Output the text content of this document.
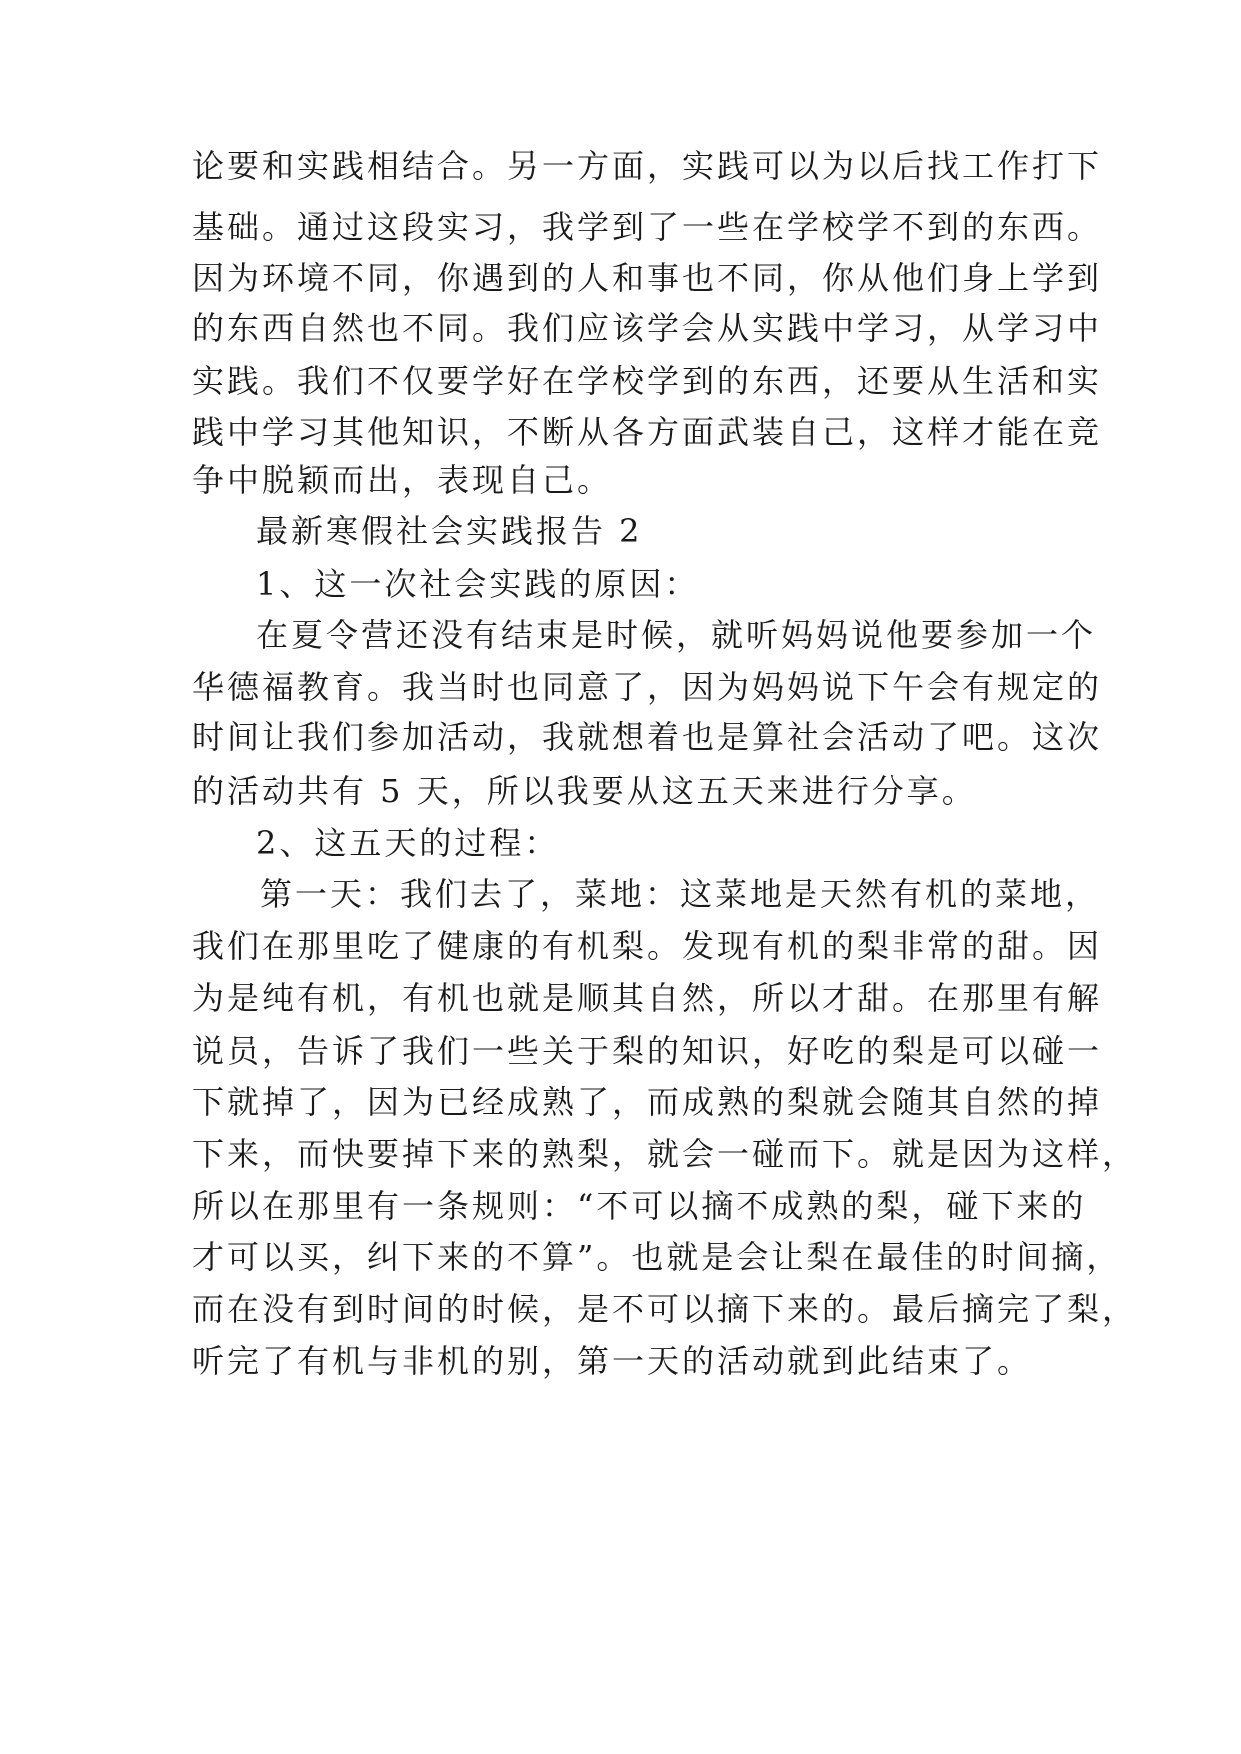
论要和实践相结合。另一方面，实践可以为以后找工作打下
基础。通过这段实习，我学到了一些在学校学不到的东西。
因为环境不同，你遇到的人和事也不同，你从他们身上学到
的东西自然也不同。我们应该学会从实践中学习，从学习中
实践。我们不仅要学好在学校学到的东西，还要从生活和实
践中学习其他知识，不断从各方面武装自己，这样才能在竞
争中脱颖而出，表现自己。
最新寒假社会实践报告 2
1、这一次社会实践的原因：
在夏令营还没有结束是时候，就听妈妈说他要参加一个
华德福教育。我当时也同意了，因为妈妈说下午会有规定的
时间让我们参加活动，我就想着也是算社会活动了吧。这次
的活动共有 5 天，所以我要从这五天来进行分享。
2、这五天的过程：
第一天：我们去了，菜地：这菜地是天然有机的菜地，
我们在那里吃了健康的有机梨。发现有机的梨非常的甜。因
为是纯有机，有机也就是顺其自然，所以才甜。在那里有解
说员，告诉了我们一些关于梨的知识，好吃的梨是可以碰一
下就掉了，因为已经成熟了，而成熟的梨就会随其自然的掉
下来，而快要掉下来的熟梨，就会一碰而下。就是因为这样，
所以在那里有一条规则：“不可以摘不成熟的梨，碰下来的
才可以买，纠下来的不算”。也就是会让梨在最佳的时间摘，
而在没有到时间的时候，是不可以摘下来的。最后摘完了梨，
听完了有机与非机的别，第一天的活动就到此结束了。
